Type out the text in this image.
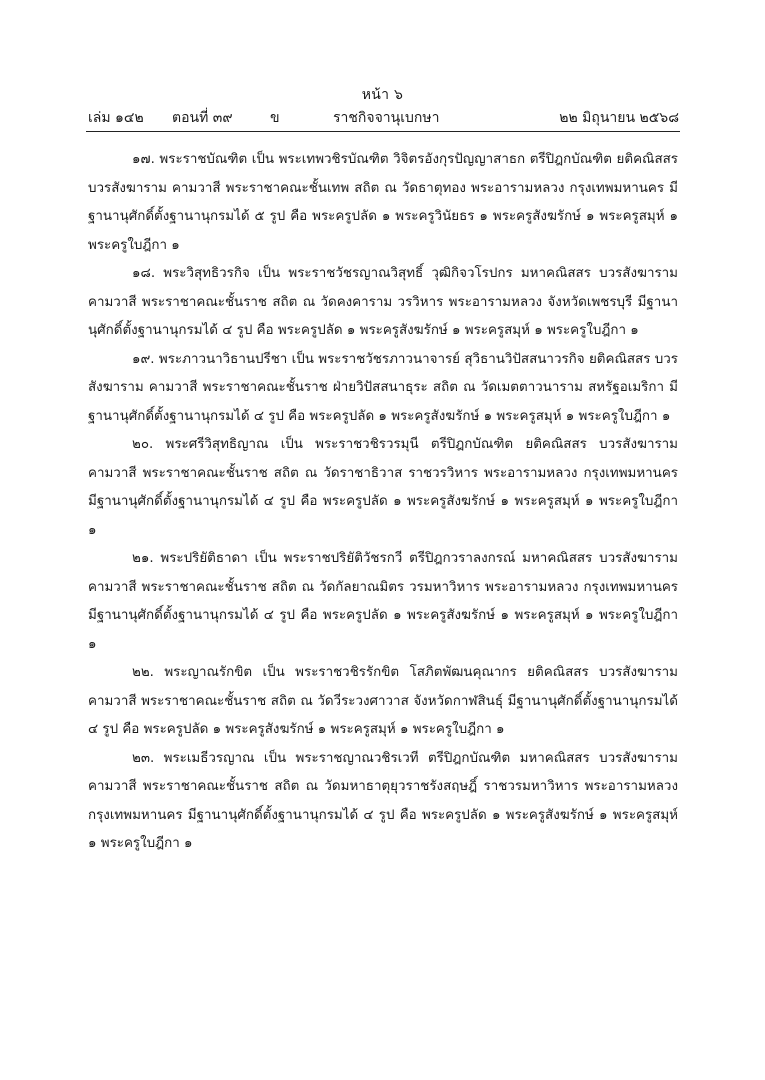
หน้า ๖
เล่ม ๑๔๒ ตอนที่ ๓๙	ข	ราชกิจจานุเบกษา	๒๒ มิถุนายน ๒๕๖๘

๑๗. พระราชบัณฑิต เป็น พระเทพวชิรบัณฑิต วิจิตรอังกุรปัญญาสาธก ตรีปิฎกบัณฑิต ยติคณิสสร บวรสังฆาราม คามวาสี พระราชาคณะชั้นเทพ สถิต ณ วัดธาตุทอง พระอารามหลวง กรุงเทพมหานคร มีฐานานุศักดิ์ตั้งฐานานุกรมได้ ๕ รูป คือ พระครูปลัด ๑ พระครูวินัยธร ๑ พระครูสังฆรักษ์ ๑ พระครูสมุห์ ๑ พระครูใบฎีกา ๑

๑๘. พระวิสุทธิวรกิจ เป็น พระราชวัชรญาณวิสุทธิ์ วุฒิกิจวโรปกร มหาคณิสสร บวรสังฆาราม คามวาสี พระราชาคณะชั้นราช สถิต ณ วัดคงคาราม วรวิหาร พระอารามหลวง จังหวัดเพชรบุรี มีฐานานุศักดิ์ตั้งฐานานุกรมได้ ๔ รูป คือ พระครูปลัด ๑ พระครูสังฆรักษ์ ๑ พระครูสมุห์ ๑ พระครูใบฎีกา ๑

๑๙. พระภาวนาวิธานปรีชา เป็น พระราชวัชรภาวนาจารย์ สุวิธานวิปัสสนาวรกิจ ยติคณิสสร บวรสังฆาราม คามวาสี พระราชาคณะชั้นราช ฝ่ายวิปัสสนาธุระ สถิต ณ วัดเมตตาวนาราม สหรัฐอเมริกา มีฐานานุศักดิ์ตั้งฐานานุกรมได้ ๔ รูป คือ พระครูปลัด ๑ พระครูสังฆรักษ์ ๑ พระครูสมุห์ ๑ พระครูใบฎีกา ๑

๒๐. พระศรีวิสุทธิญาณ เป็น พระราชวชิรวรมุนี ตรีปิฎกบัณฑิต ยติคณิสสร บวรสังฆาราม คามวาสี พระราชาคณะชั้นราช สถิต ณ วัดราชาธิวาส ราชวรวิหาร พระอารามหลวง กรุงเทพมหานคร มีฐานานุศักดิ์ตั้งฐานานุกรมได้ ๔ รูป คือ พระครูปลัด ๑ พระครูสังฆรักษ์ ๑ พระครูสมุห์ ๑ พระครูใบฎีกา ๑

๒๑. พระปริยัติธาดา เป็น พระราชปริยัติวัชรกวี ตรีปิฎกวราลงกรณ์ มหาคณิสสร บวรสังฆาราม คามวาสี พระราชาคณะชั้นราช สถิต ณ วัดกัลยาณมิตร วรมหาวิหาร พระอารามหลวง กรุงเทพมหานคร มีฐานานุศักดิ์ตั้งฐานานุกรมได้ ๔ รูป คือ พระครูปลัด ๑ พระครูสังฆรักษ์ ๑ พระครูสมุห์ ๑ พระครูใบฎีกา ๑

๒๒. พระญาณรักขิต เป็น พระราชวชิรรักขิต โสภิตพัฒนคุณากร ยติคณิสสร บวรสังฆาราม คามวาสี พระราชาคณะชั้นราช สถิต ณ วัดวีระวงศาวาส จังหวัดกาฬสินธุ์ มีฐานานุศักดิ์ตั้งฐานานุกรมได้ ๔ รูป คือ พระครูปลัด ๑ พระครูสังฆรักษ์ ๑ พระครูสมุห์ ๑ พระครูใบฎีกา ๑

๒๓. พระเมธีวรญาณ เป็น พระราชญาณวชิรเวที ตรีปิฎกบัณฑิต มหาคณิสสร บวรสังฆาราม คามวาสี พระราชาคณะชั้นราช สถิต ณ วัดมหาธาตุยุวราชรังสฤษฎิ์ ราชวรมหาวิหาร พระอารามหลวง กรุงเทพมหานคร มีฐานานุศักดิ์ตั้งฐานานุกรมได้ ๔ รูป คือ พระครูปลัด ๑ พระครูสังฆรักษ์ ๑ พระครูสมุห์ ๑ พระครูใบฎีกา ๑
